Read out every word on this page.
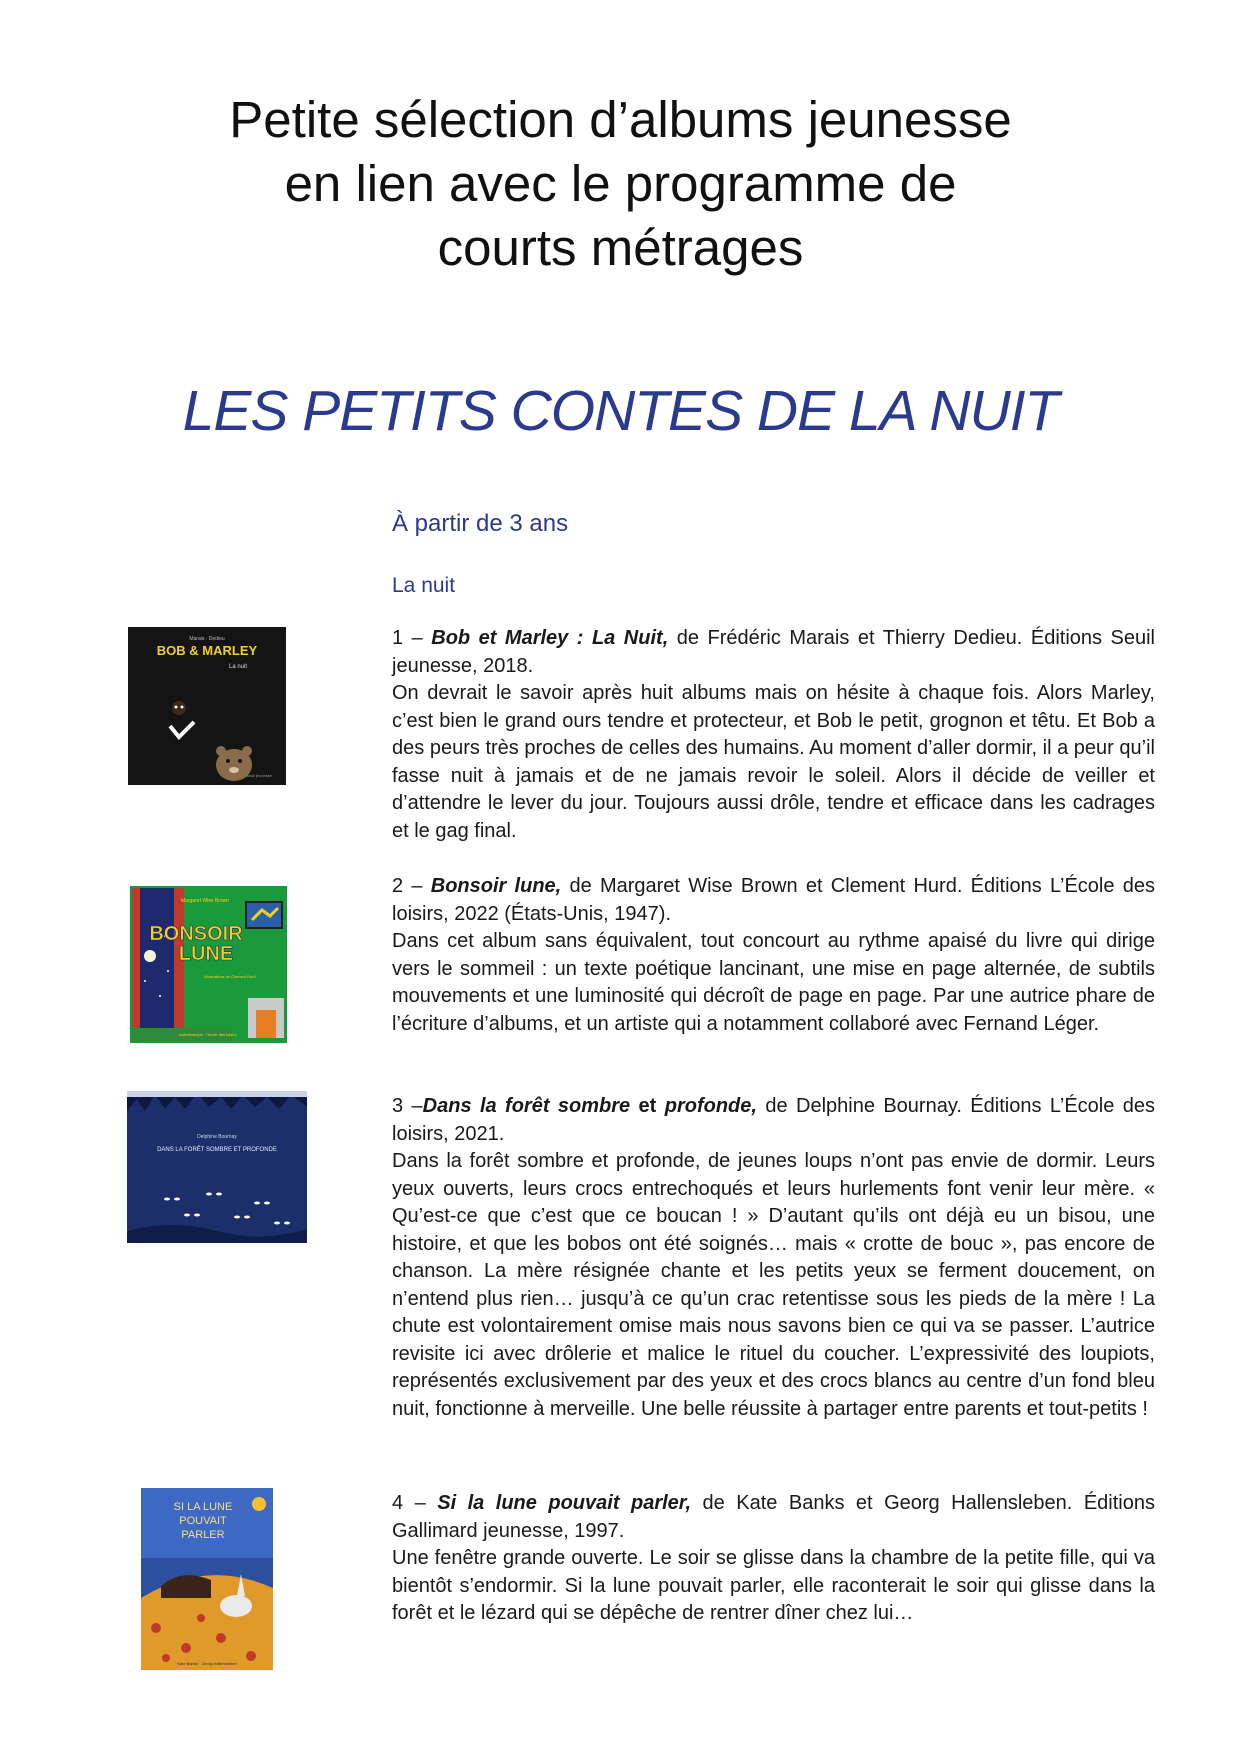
Petite sélection d’albums jeunesse
en lien avec le programme de
courts métrages
LES PETITS CONTES DE LA NUIT
À partir de 3 ans
La nuit
Marais · Dedieu
BOB & MARLEY
La nuit
seuil jeunesse

1 – Bob et Marley : La Nuit, de Frédéric Marais et Thierry Dedieu. Éditions Seuil jeunesse, 2018.

On devrait le savoir après huit albums mais on hésite à chaque fois. Alors Marley, c’est bien le grand ours tendre et protecteur, et Bob le petit, grognon et têtu. Et Bob a des peurs très proches de celles des humains. Au moment d’aller dormir, il a peur qu’il fasse nuit à jamais et de ne jamais revoir le soleil. Alors il décide de veiller et d’attendre le lever du jour. Toujours aussi drôle, tendre et efficace dans les cadrages et le gag final.

Margaret Wise Brown
BONSOIR
LUNE
Illustrations de Clement Hurd
kaléidoscope · l'école des loisirs

2 – Bonsoir lune, de Margaret Wise Brown et Clement Hurd. Éditions L’École des loisirs, 2022 (États-Unis, 1947).

Dans cet album sans équivalent, tout concourt au rythme apaisé du livre qui dirige vers le sommeil : un texte poétique lancinant, une mise en page alternée, de subtils mouvements et une luminosité qui décroît de page en page. Par une autrice phare de l’écriture d’albums, et un artiste qui a notamment collaboré avec Fernand Léger.

Delphine Bournay
DANS LA FORÊT SOMBRE ET PROFONDE

3 –Dans la forêt sombre et profonde, de Delphine Bournay. Éditions L’École des loisirs, 2021.

Dans la forêt sombre et profonde, de jeunes loups n’ont pas envie de dormir. Leurs yeux ouverts, leurs crocs entrechoqués et leurs hurlements font venir leur mère. « Qu’est-ce que c’est que ce boucan ! » D’autant qu’ils ont déjà eu un bisou, une histoire, et que les bobos ont été soignés… mais « crotte de bouc », pas encore de chanson. La mère résignée chante et les petits yeux se ferment doucement, on n’entend plus rien… jusqu’à ce qu’un crac retentisse sous les pieds de la mère ! La chute est volontairement omise mais nous savons bien ce qui va se passer. L’autrice revisite ici avec drôlerie et malice le rituel du coucher. L’expressivité des loupiots, représentés exclusivement par des yeux et des crocs blancs au centre d’un fond bleu nuit, fonctionne à merveille. Une belle réussite à partager entre parents et tout-petits !

SI LA LUNE
POUVAIT
PARLER
Kate Banks · Georg Hallensleben

4 – Si la lune pouvait parler, de Kate Banks et Georg Hallensleben. Éditions Gallimard jeunesse, 1997.

Une fenêtre grande ouverte. Le soir se glisse dans la chambre de la petite fille, qui va bientôt s’endormir. Si la lune pouvait parler, elle raconterait le soir qui glisse dans la forêt et le lézard qui se dépêche de rentrer dîner chez lui…
